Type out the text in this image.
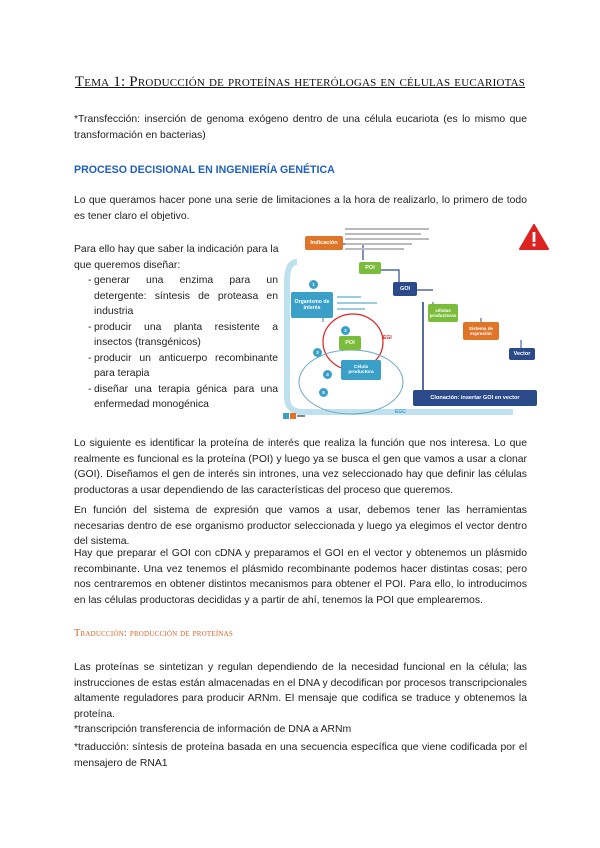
Tema 1: Producción de proteínas heterólogas en células eucariotas

*Transfección: inserción de genoma exógeno dentro de una célula eucariota (es lo mismo que transformación en bacterias)

PROCESO DECISIONAL EN INGENIERÍA GENÉTICA

Lo que queramos hacer pone una serie de limitaciones a la hora de realizarlo, lo primero de todo es tener claro el objetivo.

Para ello hay que saber la indicación para la que queremos diseñar:
- generar una enzima para un detergente: síntesis de proteasa en industria
- producir una planta resistente a insectos (transgénicos)
- producir un anticuerpo recombinante para terapia
- diseñar una terapia génica para una enfermedad monogénica
Indicación
POI
GOI
Organismo de interés	células productoras
Sistema de expresión
Vector
POI
EGI
Célula productora
Clonación: insertar GOI en vector
EGC
1
2
3
4
5

Lo siguiente es identificar la proteína de interés que realiza la función que nos interesa. Lo que realmente es funcional es la proteína (POI) y luego ya se busca el gen que vamos a usar a clonar (GOI). Diseñamos el gen de interés sin intrones, una vez seleccionado hay que definir las células productoras a usar dependiendo de las características del proceso que queremos.

En función del sistema de expresión que vamos a usar, debemos tener las herramientas necesarias dentro de ese organismo productor seleccionada y luego ya elegimos el vector dentro del sistema.

Hay que preparar el GOI con cDNA y preparamos el GOI en el vector y obtenemos un plásmido recombinante. Una vez tenemos el plásmido recombinante podemos hacer distintas cosas; pero nos centraremos en obtener distintos mecanismos para obtener el POI. Para ello, lo introducimos en las células productoras decididas y a partir de ahí, tenemos la POI que emplearemos.

Traducción: producción de proteínas

Las proteínas se sintetizan y regulan dependiendo de la necesidad funcional en la célula; las instrucciones de estas están almacenadas en el DNA y decodifican por procesos transcripcionales altamente reguladores para producir ARNm. El mensaje que codifica se traduce y obtenemos la proteína.

*transcripción transferencia de información de DNA a ARNm

*traducción: síntesis de proteína basada en una secuencia específica que viene codificada por el mensajero de RNA1
